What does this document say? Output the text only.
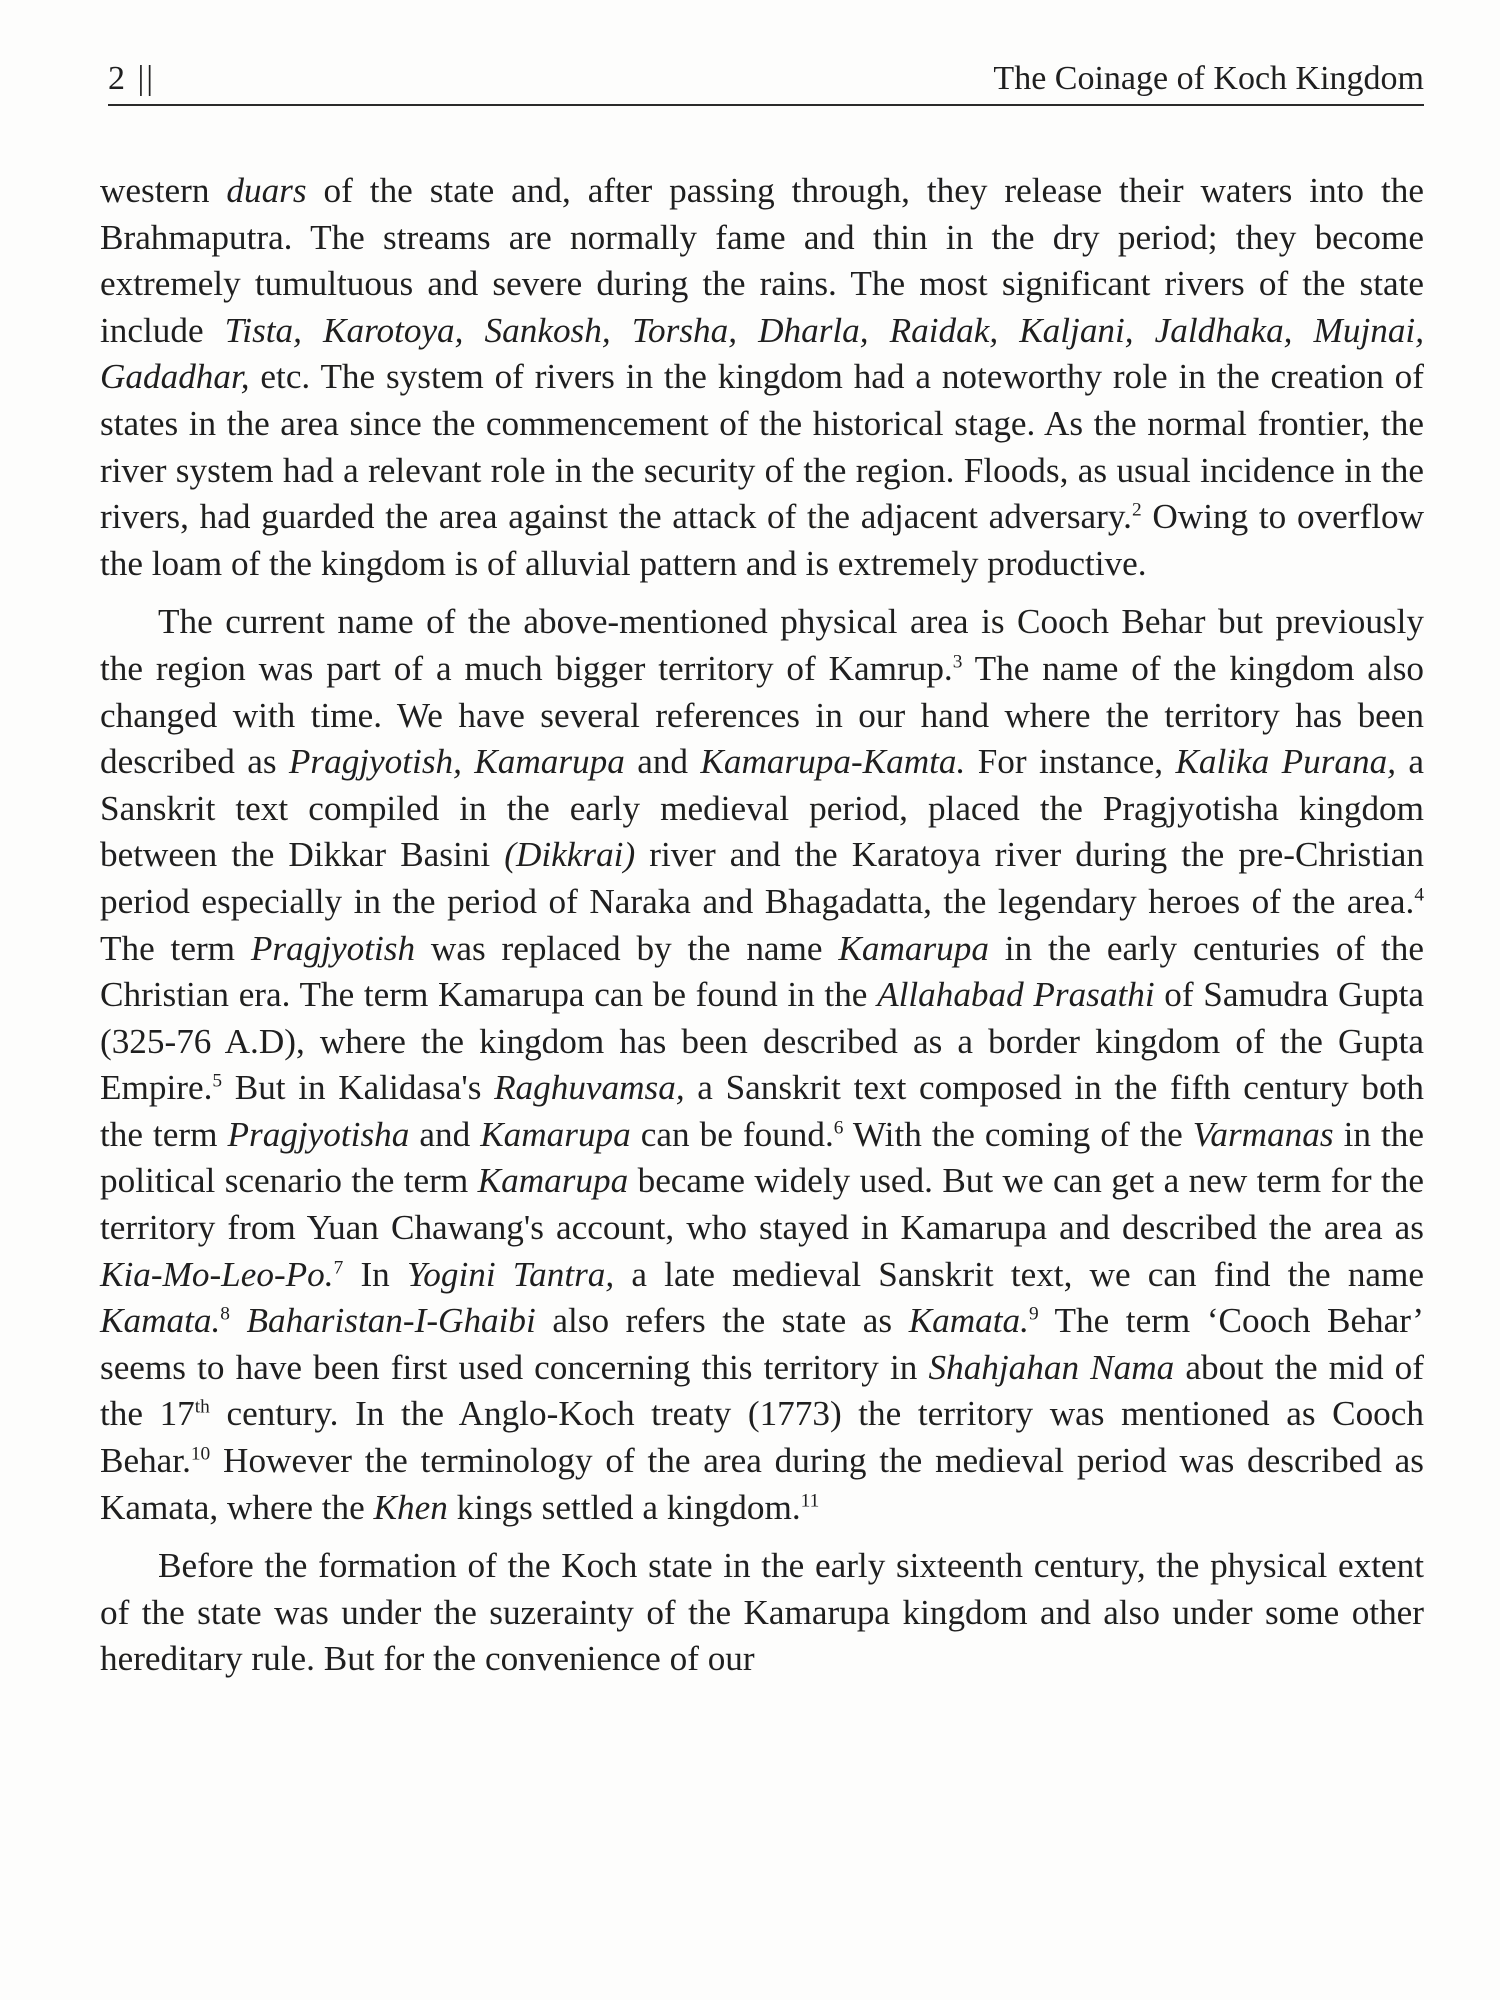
2 ||	The Coinage of Koch Kingdom

western duars of the state and, after passing through, they release their waters into the Brahmaputra. The streams are normally fame and thin in the dry period; they become extremely tumultuous and severe during the rains. The most significant rivers of the state include Tista, Karotoya, Sankosh, Torsha, Dharla, Raidak, Kaljani, Jaldhaka, Mujnai, Gadadhar, etc. The system of rivers in the kingdom had a noteworthy role in the creation of states in the area since the commencement of the historical stage. As the normal frontier, the river system had a relevant role in the security of the region. Floods, as usual incidence in the rivers, had guarded the area against the attack of the adjacent adversary.$^2$ Owing to overflow the loam of the kingdom is of alluvial pattern and is extremely productive.

The current name of the above-mentioned physical area is Cooch Behar but previously the region was part of a much bigger territory of Kamrup.$^3$ The name of the kingdom also changed with time. We have several references in our hand where the territory has been described as Pragjyotish, Kamarupa and Kamarupa-Kamta. For instance, Kalika Purana, a Sanskrit text compiled in the early medieval period, placed the Pragjyotisha kingdom between the Dikkar Basini (Dikkrai) river and the Karatoya river during the pre-Christian period especially in the period of Naraka and Bhagadatta, the legendary heroes of the area.$^4$ The term Pragjyotish was replaced by the name Kamarupa in the early centuries of the Christian era. The term Kamarupa can be found in the Allahabad Prasathi of Samudra Gupta (325-76 A.D), where the kingdom has been described as a border kingdom of the Gupta Empire.$^5$ But in Kalidasa's Raghuvamsa, a Sanskrit text composed in the fifth century both the term Pragjyotisha and Kamarupa can be found.$^6$ With the coming of the Varmanas in the political scenario the term Kamarupa became widely used. But we can get a new term for the territory from Yuan Chawang's account, who stayed in Kamarupa and described the area as Kia-Mo-Leo-Po.$^7$ In Yogini Tantra, a late medieval Sanskrit text, we can find the name Kamata.$^8$ Baharistan-I-Ghaibi also refers the state as Kamata.$^9$ The term ‘Cooch Behar’ seems to have been first used concerning this territory in Shahjahan Nama about the mid of the 17th century. In the Anglo-Koch treaty (1773) the territory was mentioned as Cooch Behar.$^{10}$ However the terminology of the area during the medieval period was described as Kamata, where the Khen kings settled a kingdom.$^{11}$

Before the formation of the Koch state in the early sixteenth century, the physical extent of the state was under the suzerainty of the Kamarupa kingdom and also under some other hereditary rule. But for the convenience of our
